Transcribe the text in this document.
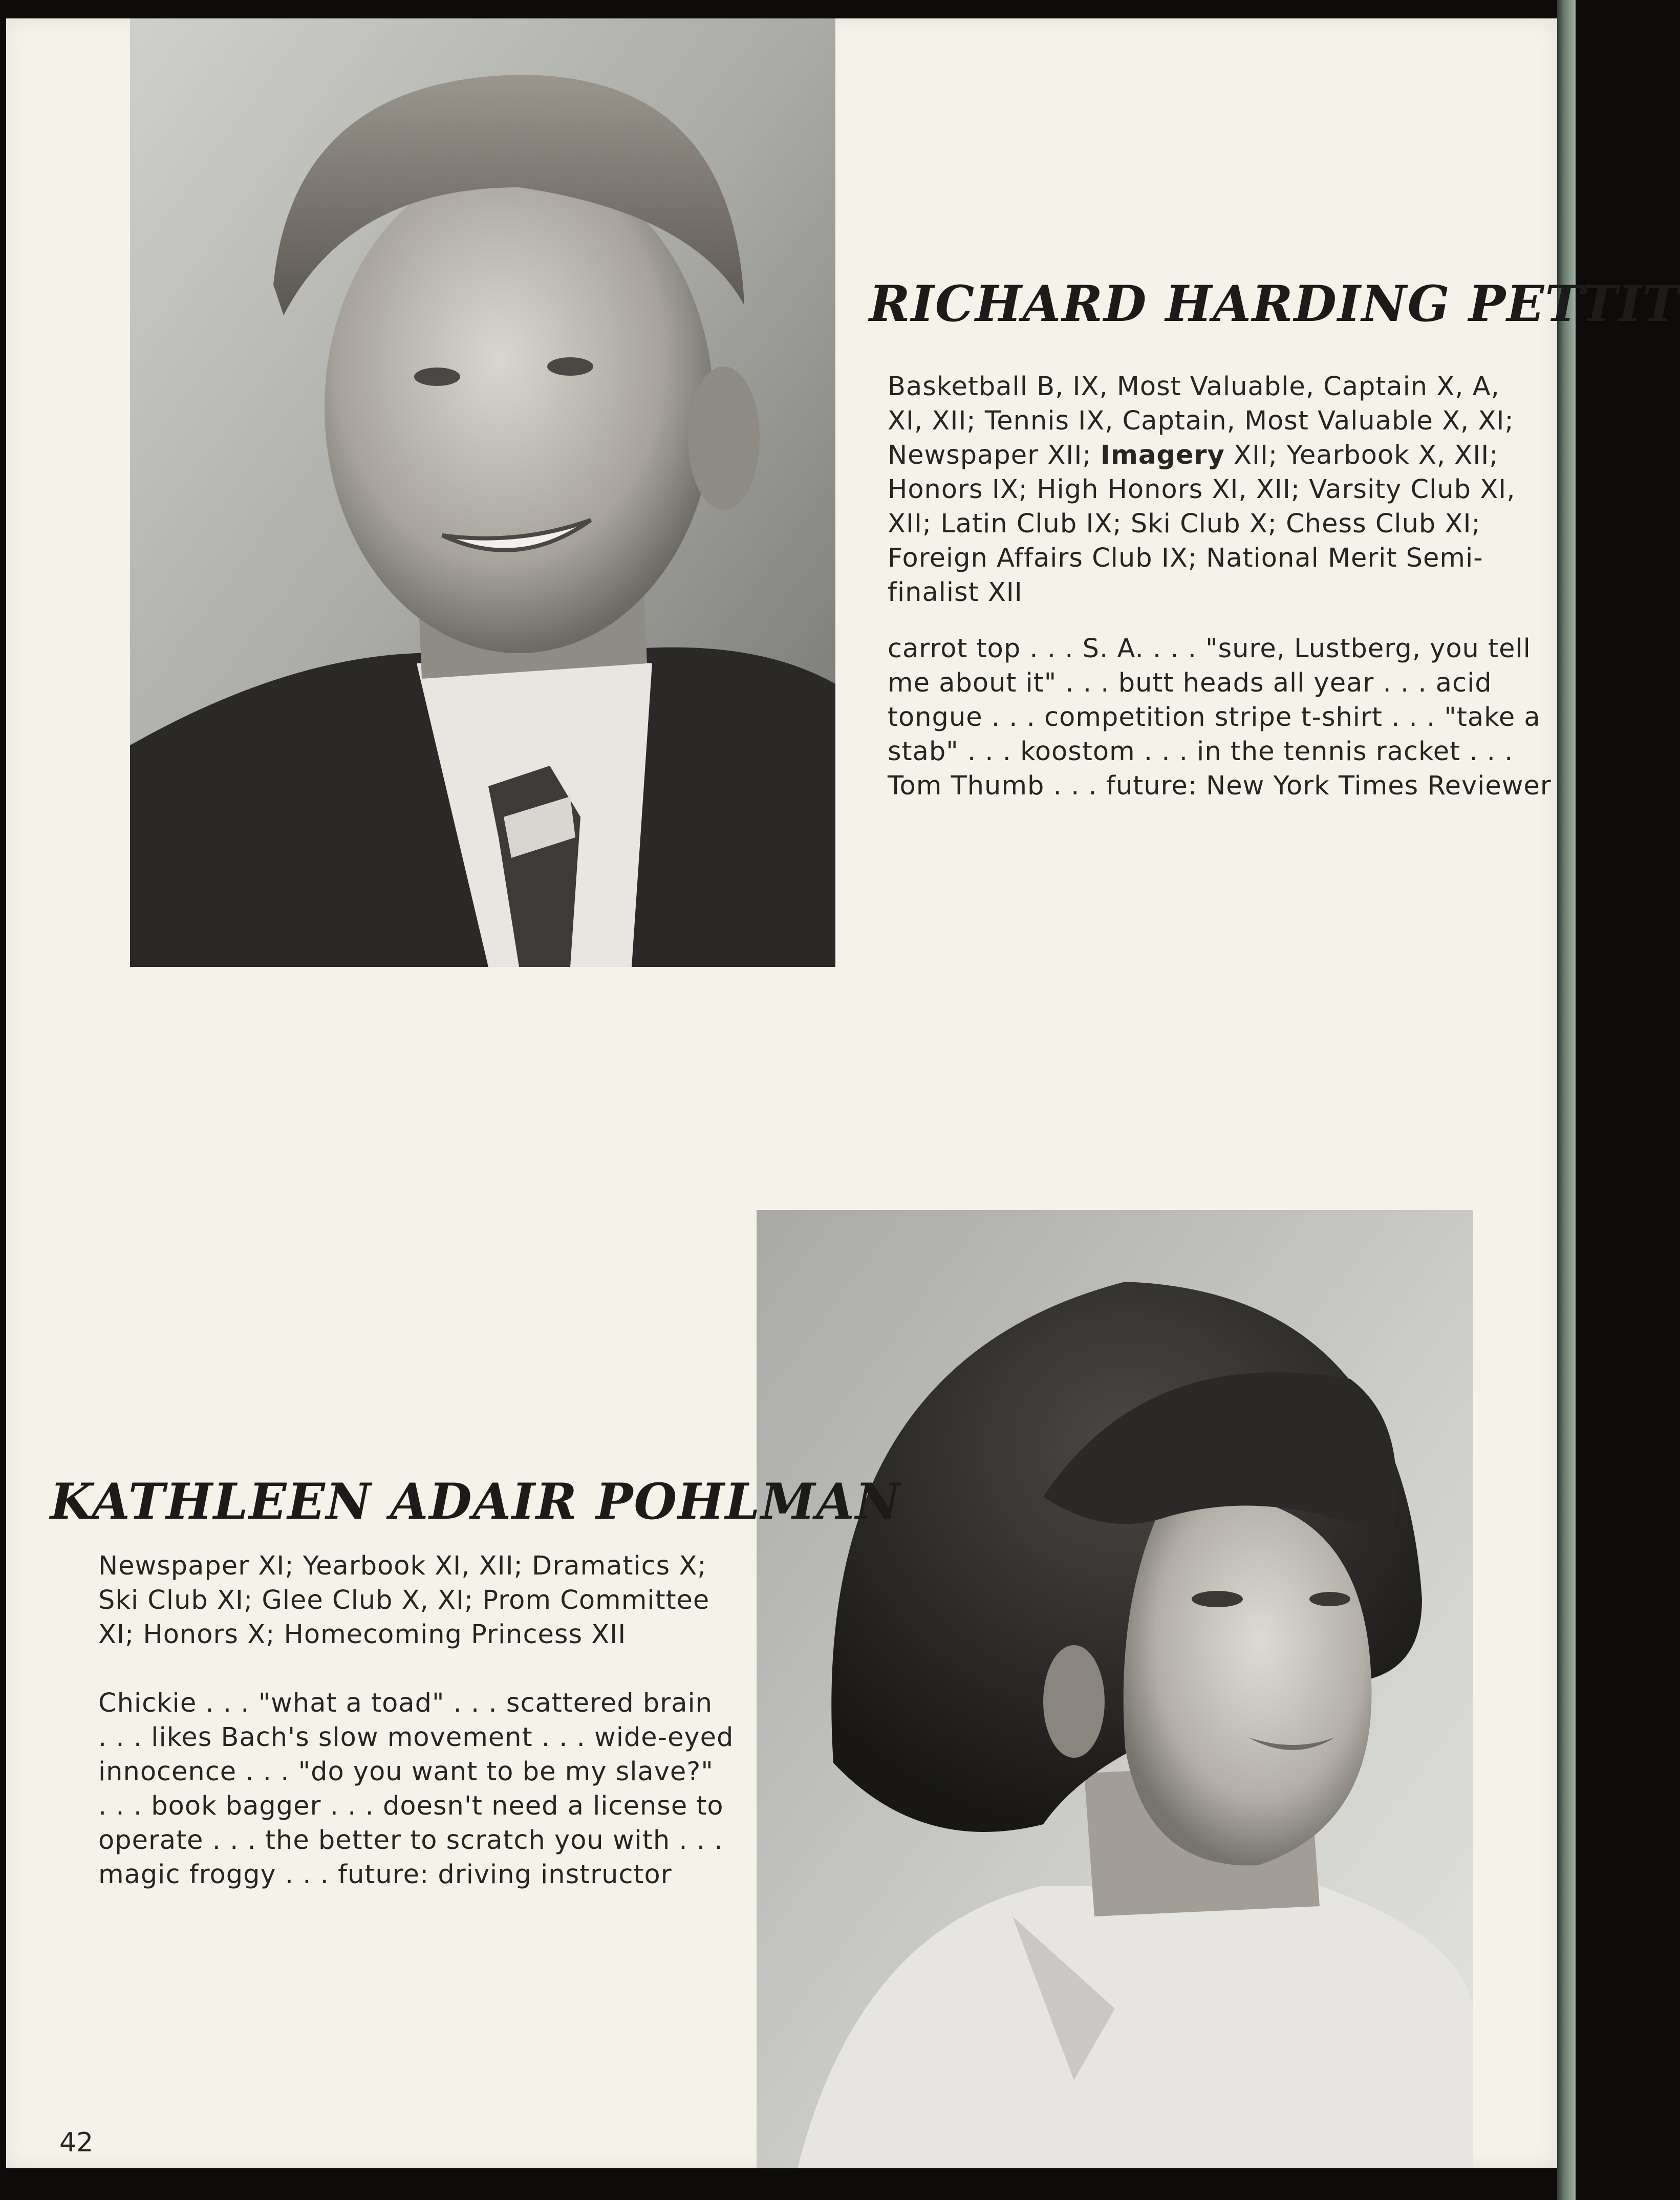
RICHARD HARDING PETTIT

Basketball B, IX, Most Valuable, Captain X, A,

XI, XII; Tennis IX, Captain, Most Valuable X, XI;

Newspaper XII; Imagery XII; Yearbook X, XII;

Honors IX; High Honors XI, XII; Varsity Club XI,

XII; Latin Club IX; Ski Club X; Chess Club XI;

Foreign Affairs Club IX; National Merit Semi-

finalist XII

carrot top . . . S. A. . . . "sure, Lustberg, you tell

me about it" . . . butt heads all year . . . acid

tongue . . . competition stripe t-shirt . . . "take a

stab" . . . koostom . . . in the tennis racket . . .

Tom Thumb . . . future: New York Times Reviewer

KATHLEEN ADAIR POHLMAN

Newspaper XI; Yearbook XI, XII; Dramatics X;

Ski Club XI; Glee Club X, XI; Prom Committee

XI; Honors X; Homecoming Princess XII

Chickie . . . "what a toad" . . . scattered brain

. . . likes Bach's slow movement . . . wide-eyed

innocence . . . "do you want to be my slave?"

. . . book bagger . . . doesn't need a license to

operate . . . the better to scratch you with . . .

magic froggy . . . future: driving instructor

42
